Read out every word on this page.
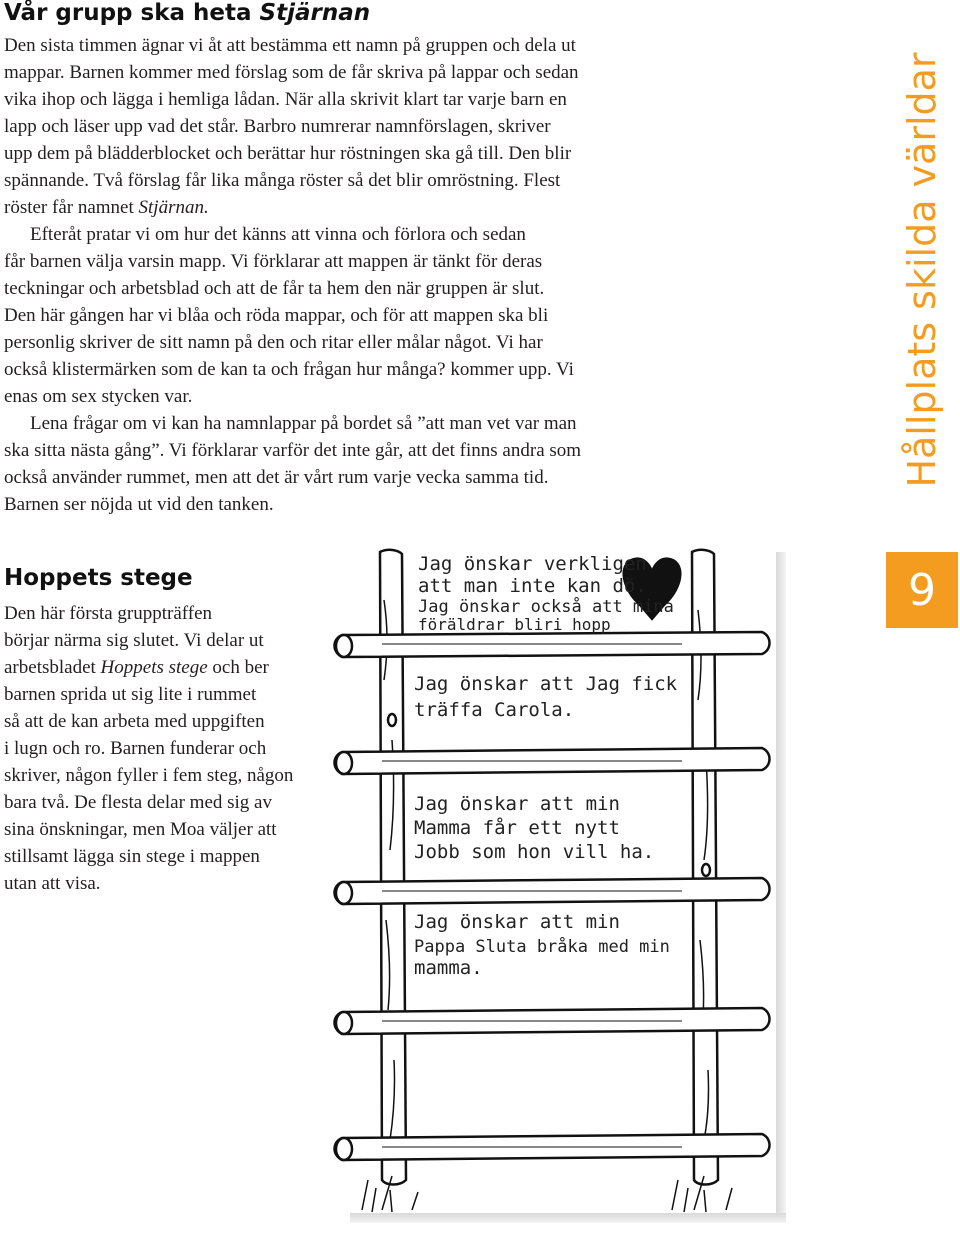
Vår grupp ska heta Stjärnan

Den sista timmen ägnar vi åt att bestämma ett namn på gruppen och dela ut
mappar. Barnen kommer med förslag som de får skriva på lappar och sedan
vika ihop och lägga i hemliga lådan. När alla skrivit klart tar varje barn en
lapp och läser upp vad det står. Barbro numrerar namnförslagen, skriver
upp dem på blädderblocket och berättar hur röstningen ska gå till. Den blir
spännande. Två förslag får lika många röster så det blir omröstning. Flest
röster får namnet Stjärnan.

Efteråt pratar vi om hur det känns att vinna och förlora och sedan
får barnen välja varsin mapp. Vi förklarar att mappen är tänkt för deras
teckningar och arbetsblad och att de får ta hem den när gruppen är slut.
Den här gången har vi blåa och röda mappar, och för att mappen ska bli
personlig skriver de sitt namn på den och ritar eller målar något. Vi har
också klistermärken som de kan ta och frågan hur många? kommer upp. Vi
enas om sex stycken var.

Lena frågar om vi kan ha namnlappar på bordet så ”att man vet var man
ska sitta nästa gång”. Vi förklarar varför det inte går, att det finns andra som
också använder rummet, men att det är vårt rum varje vecka samma tid.
Barnen ser nöjda ut vid den tanken.

Hoppets stege
Den här första gruppträffen
börjar närma sig slutet. Vi delar ut
arbetsbladet Hoppets stege och ber
barnen sprida ut sig lite i rummet
så att de kan arbeta med uppgiften
i lugn och ro. Barnen funderar och
skriver, någon fyller i fem steg, någon
bara två. De flesta delar med sig av
sina önskningar, men Moa väljer att
stillsamt lägga sin stege i mappen
utan att visa.
Hållplats skilda världar
9
Jag önskar verkligen
att man inte kan dö.
Jag önskar också att mina
föräldrar bliri hopp
Jag önskar att Jag fick
träffa Carola.
Jag önskar att min
Mamma får ett nytt
Jobb som hon vill ha.
Jag önskar att min
Pappa Sluta bråka med min
mamma.
